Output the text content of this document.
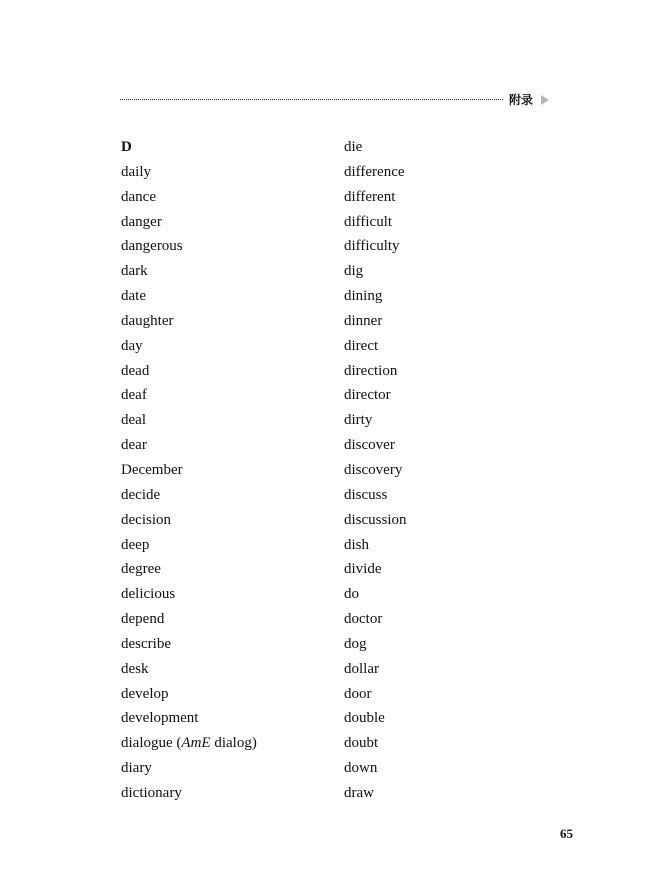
附录
D
daily
dance
danger
dangerous
dark
date
daughter
day
dead
deaf
deal
dear
December
decide
decision
deep
degree
delicious
depend
describe
desk
develop
development
dialogue (AmE dialog)
diary
dictionary
die
difference
different
difficult
difficulty
dig
dining
dinner
direct
direction
director
dirty
discover
discovery
discuss
discussion
dish
divide
do
doctor
dog
dollar
door
double
doubt
down
draw
65
